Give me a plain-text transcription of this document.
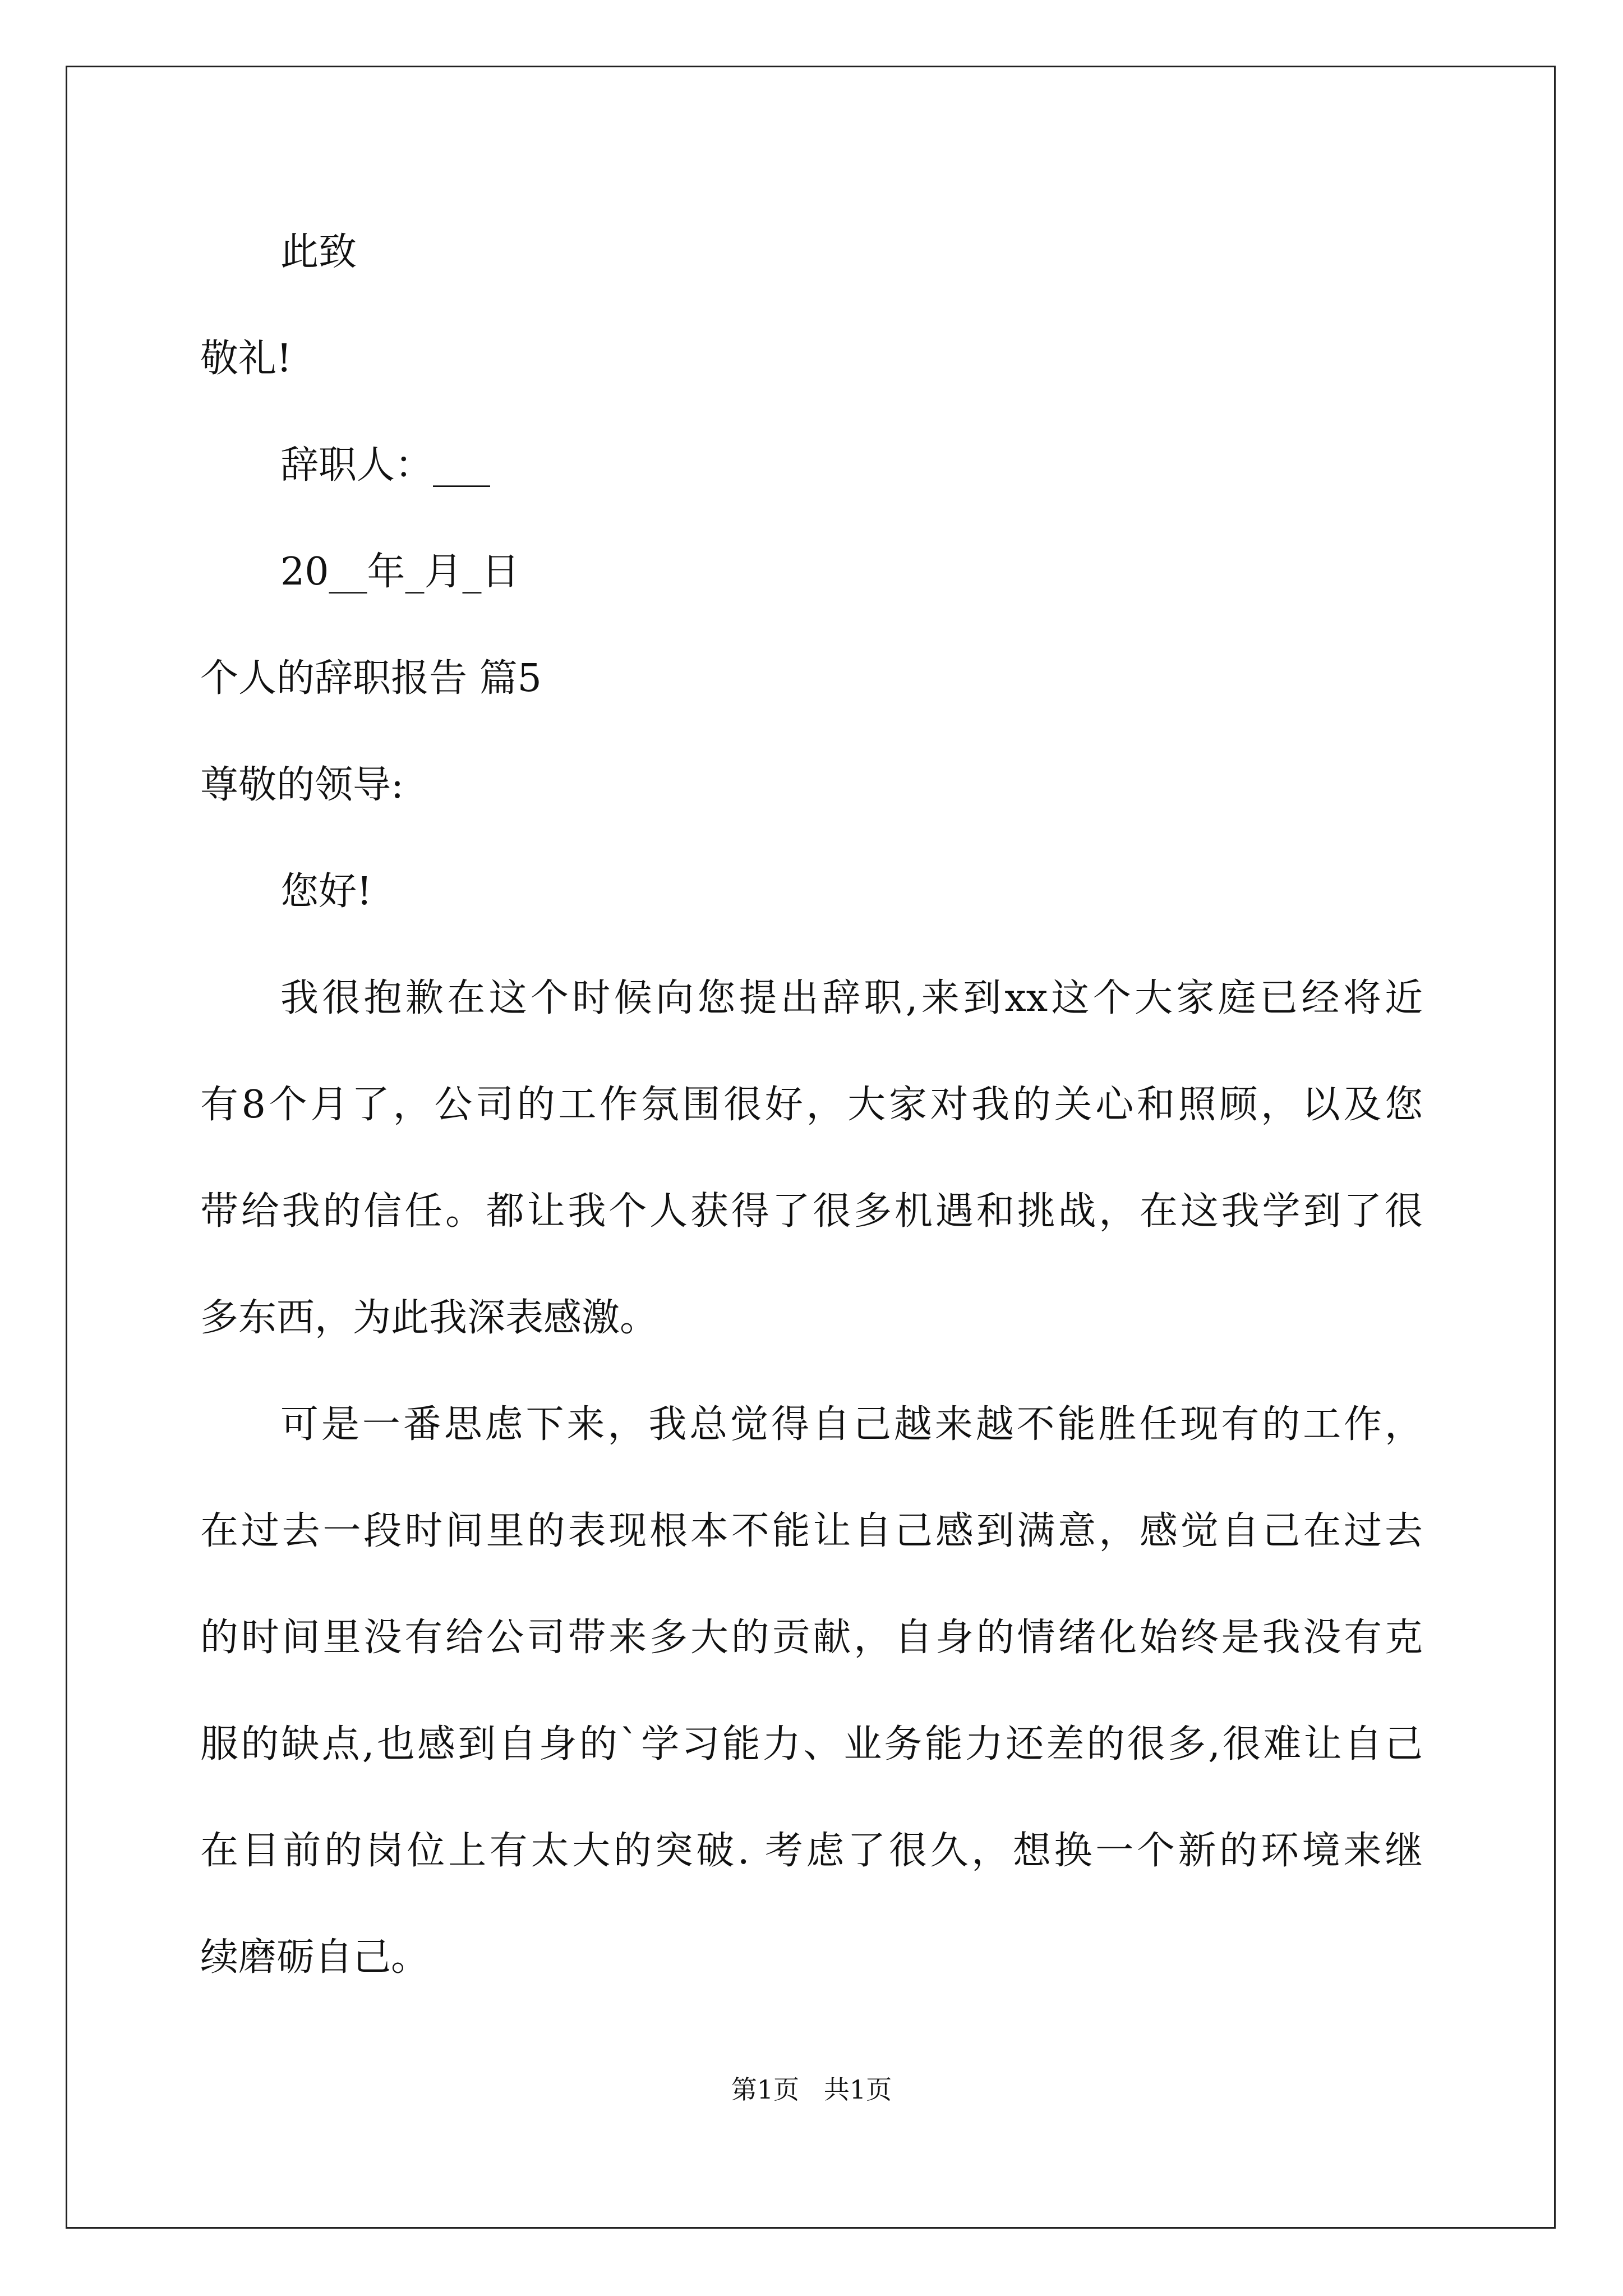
此致
敬礼!
辞职人：___
20__年_月_日
个人的辞职报告 篇5
尊敬的领导:
您好!
我很抱歉在这个时候向您提出辞职,来到xx这个大家庭已经将近
有8个月了，公司的工作氛围很好，大家对我的关心和照顾，以及您
带给我的信任。都让我个人获得了很多机遇和挑战，在这我学到了很
多东西，为此我深表感激。
可是一番思虑下来，我总觉得自己越来越不能胜任现有的工作，
在过去一段时间里的表现根本不能让自己感到满意，感觉自己在过去
的时间里没有给公司带来多大的贡献，自身的情绪化始终是我没有克
服的缺点,也感到自身的`学习能力、业务能力还差的很多,很难让自己
在目前的岗位上有太大的突破. 考虑了很久，想换一个新的环境来继
续磨砺自己。
第1页   共1页
